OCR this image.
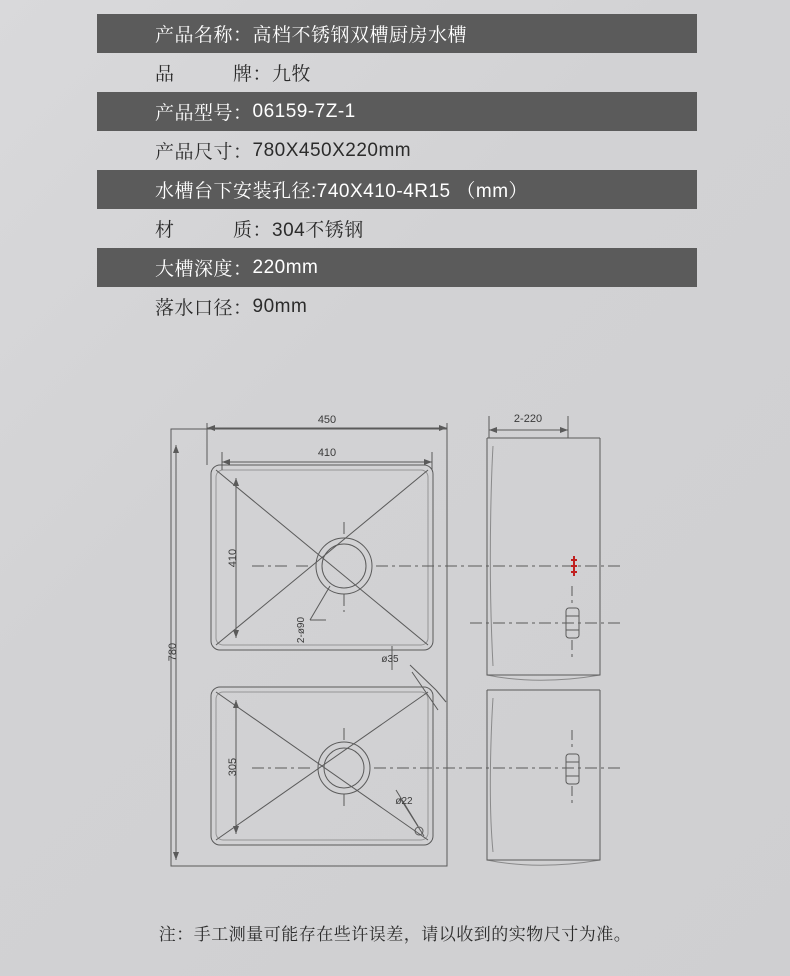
产品名称： 高档不锈钢双槽厨房水槽
品　　　牌： 九牧
产品型号： 06159-7Z-1
产品尺寸： 780X450X220mm
水槽台下安装孔径: 740X410-4R15 （mm）
材　　　质： 304不锈钢
大槽深度： 220mm
落水口径： 90mm
450
410
2-220
780
410
305
2-ø90
ø35
ø22
注：手工测量可能存在些许误差，请以收到的实物尺寸为准。
